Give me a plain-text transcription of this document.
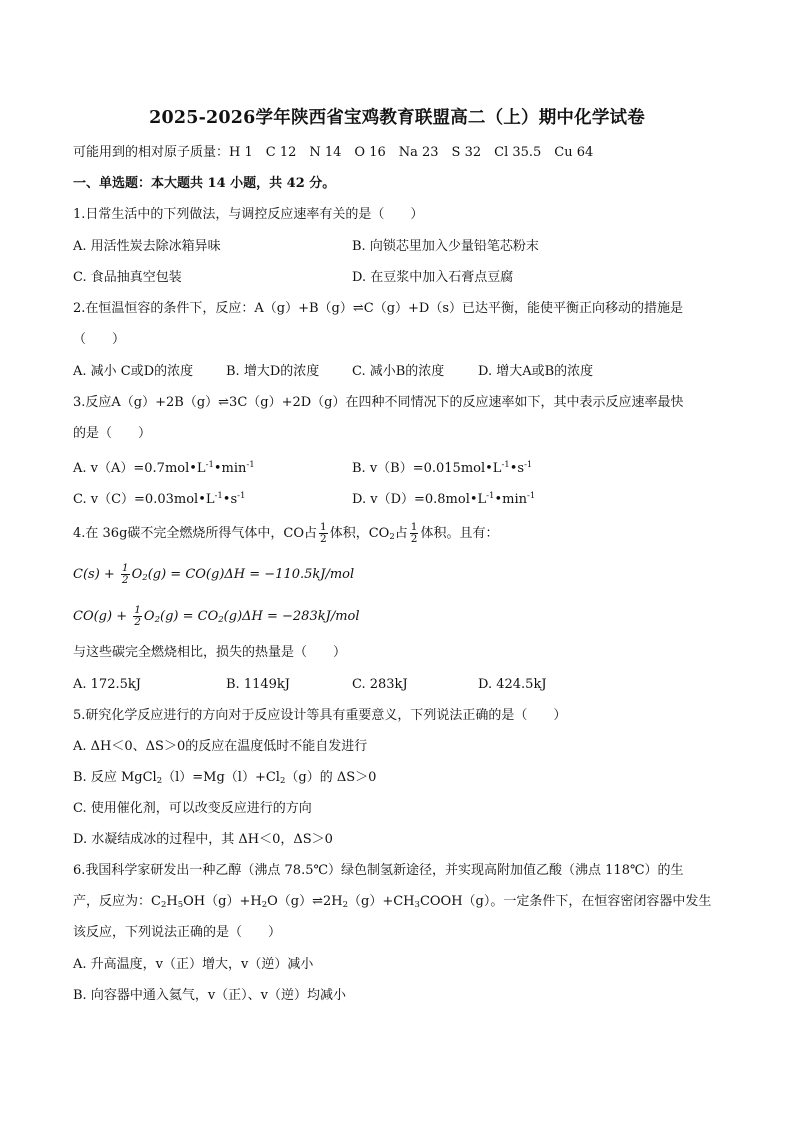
2025-2026学年陕西省宝鸡教育联盟高二（上）期中化学试卷
可能用到的相对原子质量：H 1　C 12　N 14　O 16　Na 23　S 32　Cl 35.5　Cu 64
一、单选题：本大题共 14 小题，共 42 分。
1.日常生活中的下列做法，与调控反应速率有关的是（　　）
A. 用活性炭去除冰箱异味	B. 向锁芯里加入少量铅笔芯粉末
C. 食品抽真空包装	D. 在豆浆中加入石膏点豆腐
2.在恒温恒容的条件下，反应：A（g）+B（g）⇌C（g）+D（s）已达平衡，能使平衡正向移动的措施是
（　　）
A. 减小 C或D的浓度	B. 增大D的浓度	C. 减小B的浓度	D. 增大A或B的浓度
3.反应A（g）+2B（g）⇌3C（g）+2D（g）在四种不同情况下的反应速率如下，其中表示反应速率最快
的是（　　）
A. $v(A)=0.7mol•L^{-1}•\min^{-1}$	B. $v(B)=0.015mol•L^{-1}•s^{-1}$
C. $v(C)=0.03mol•L^{-1}•s^{-1}$	D. $v(D)=0.8mol•L^{-1}•\min^{-1}$
4.在 36g碳不完全燃烧所得气体中，CO占 $\frac{1}{2}$ 体积，$CO_2$占 $\frac{1}{2}$ 体积。且有：
$C(s) + \frac{1}{2} O_2(g) = CO(g)\Delta H = -110.5kJ/mol$
$CO(g) + \frac{1}{2} O_2(g) = CO_2(g)\Delta H = -283kJ/mol$
与这些碳完全燃烧相比，损失的热量是（　　）
A. 172.5kJ	B. 1149kJ	C. 283kJ	D. 424.5kJ
5.研究化学反应进行的方向对于反应设计等具有重要意义，下列说法正确的是（　　）
A. ΔH＜0、ΔS＞0的反应在温度低时不能自发进行
B. 反应 $MgCl_2(l)=Mg(l)+Cl_2(g)$的 ΔS＞0
C. 使用催化剂，可以改变反应进行的方向
D. 水凝结成冰的过程中，其 ΔH＜0，ΔS＞0
6.我国科学家研发出一种乙醇（沸点 78.5℃）绿色制氢新途径，并实现高附加值乙酸（沸点 118℃）的生
产，反应为：$C_2H_5OH(g)+H_2O(g)\rightleftharpoons 2H_2(g)+CH_3COOH(g)$。一定条件下，在恒容密闭容器中发生
该反应，下列说法正确的是（　　）
A. 升高温度，v（正）增大，v（逆）减小
B. 向容器中通入氦气，v（正）、v（逆）均减小
